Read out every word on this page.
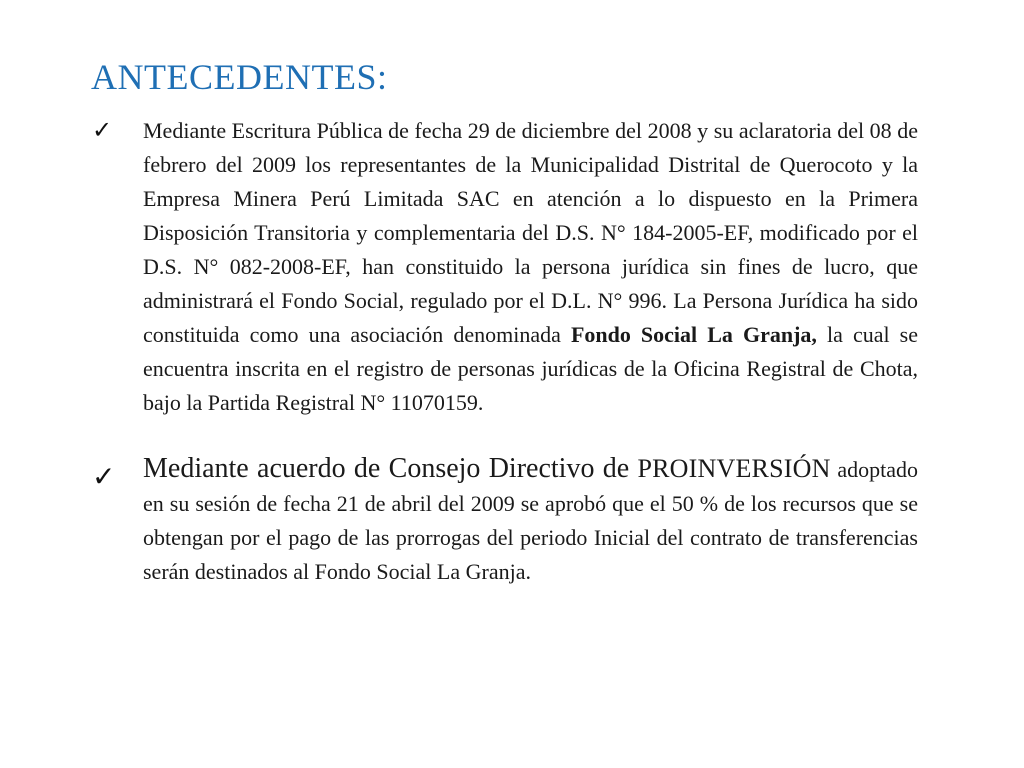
ANTECEDENTES:
✓ Mediante Escritura Pública de fecha 29 de diciembre del 2008 y su aclaratoria del 08 de febrero del 2009 los representantes de la Municipalidad Distrital de Querocoto y la Empresa Minera Perú Limitada SAC en atención a lo dispuesto en la Primera Disposición Transitoria y complementaria del D.S. N° 184-2005-EF, modificado por el D.S. N° 082-2008-EF, han constituido la persona jurídica sin fines de lucro, que administrará el Fondo Social, regulado por el D.L. N° 996. La Persona Jurídica ha sido constituida como una asociación denominada Fondo Social La Granja, la cual se encuentra inscrita en el registro de personas jurídicas de la Oficina Registral de Chota, bajo la Partida Registral N° 11070159.
✓ Mediante acuerdo de Consejo Directivo de PROINVERSIÓN adoptado en su sesión de fecha 21 de abril del 2009 se aprobó que el 50 % de los recursos que se obtengan por el pago de las prorrogas del periodo Inicial del contrato de transferencias serán destinados al Fondo Social La Granja.
